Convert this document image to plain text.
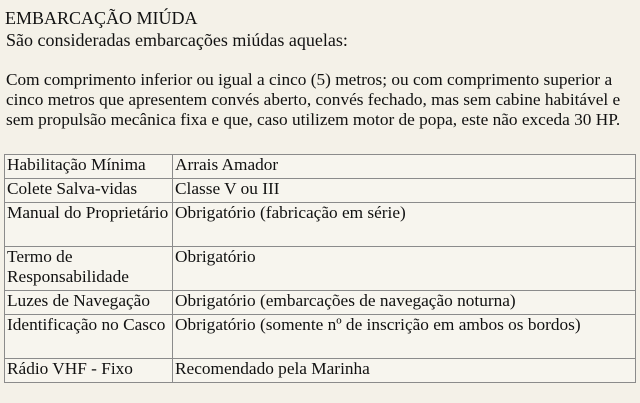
EMBARCAÇÃO MIÚDA
São consideradas embarcações miúdas aquelas:
Com comprimento inferior ou igual a cinco (5) metros; ou com comprimento superior a cinco metros que apresentem convés aberto, convés fechado, mas sem cabine habitável e sem propulsão mecânica fixa e que, caso utilizem motor de popa, este não exceda 30 HP.
Habilitação Mínima	Arrais Amador
Colete Salva-vidas	Classe V ou III
Manual do Proprietário	Obrigatório (fabricação em série)
Termo de Responsabilidade	Obrigatório
Luzes de Navegação	Obrigatório (embarcações de navegação noturna)
Identificação no Casco	Obrigatório (somente nº de inscrição em ambos os bordos)
Rádio VHF - Fixo	Recomendado pela Marinha
